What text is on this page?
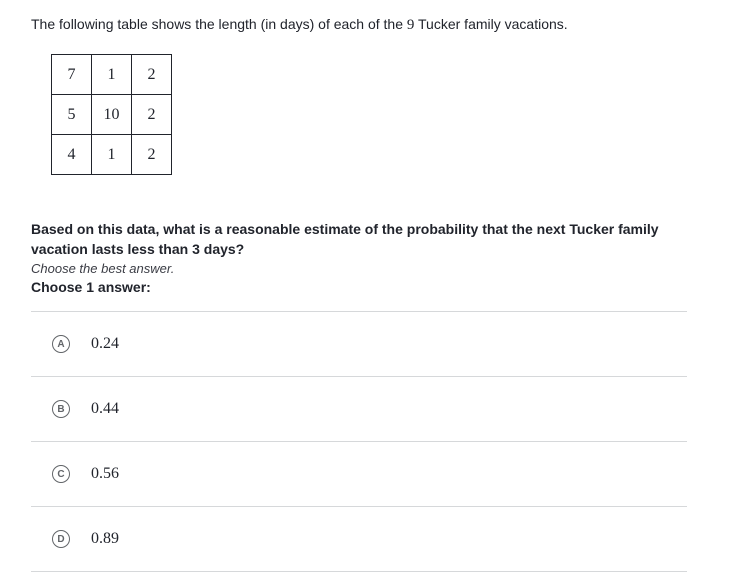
The following table shows the length (in days) of each of the 9 Tucker family vacations.
7	1	2
5	10	2
4	1	2
Based on this data, what is a reasonable estimate of the probability that the next Tucker family vacation lasts less than 3 days?
Choose the best answer.
Choose 1 answer:
A	0.24
B	0.44
C	0.56
D	0.89
